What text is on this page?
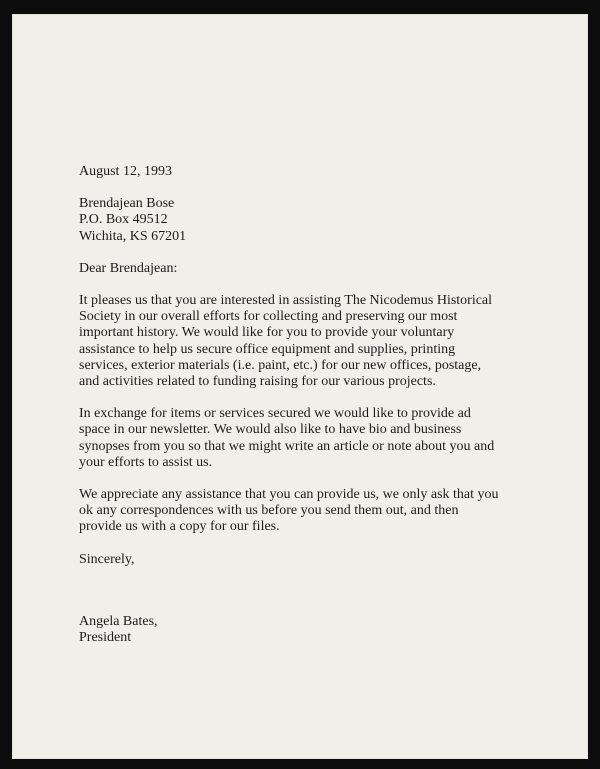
August 12, 1993
Brendajean Bose
P.O. Box 49512
Wichita, KS 67201
Dear Brendajean:
It pleases us that you are interested in assisting The Nicodemus Historical
Society in our overall efforts for collecting and preserving our most
important history. We would like for you to provide your voluntary
assistance to help us secure office equipment and supplies, printing
services, exterior materials (i.e. paint, etc.) for our new offices, postage,
and activities related to funding raising for our various projects.
In exchange for items or services secured we would like to provide ad
space in our newsletter. We would also like to have bio and business
synopses from you so that we might write an article or note about you and
your efforts to assist us.
We appreciate any assistance that you can provide us, we only ask that you
ok any correspondences with us before you send them out, and then
provide us with a copy for our files.
Sincerely,
Angela Bates,
President
